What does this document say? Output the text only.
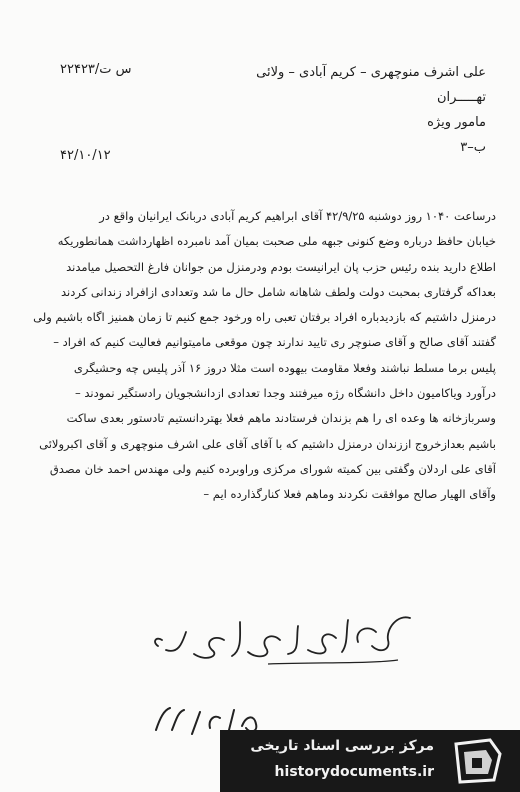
۲۲۴۲۳/س ت
۴۲/۱۰/۱۲
علی اشرف منوچهری – کریم آبادی – ولائی
تهـــــران
مامور ویژه
ب–۳
درساعت ۱۰۴۰ روز دوشنبه ۴۲/۹/۲۵ آقای ابراهیم کریم آبادی دربانک ایرانیان واقع در
خیابان حافظ درباره وضع کنونی جبهه ملی صحبت بمیان آمد نامبرده اظهارداشت همانطوریکه
اطلاع دارید بنده رئیس حزب پان ایرانیست بودم ودرمنزل من جوانان فارغ التحصیل میامدند
بعداکه گرفتاری بمحبت دولت ولطف شاهانه شامل حال ما شد وتعدادی ازافراد زندانی کردند
درمنزل داشتیم که بازدیدباره افراد برفتان تعبی راه ورخود جمع کنیم تا زمان همنیز اگاه باشیم ولی
گفتند آقای صالح و آقای صنوچر ری تایید ندارند چون موقعی مامیتوانیم فعالیت کنیم که افراد –
پلیس برما مسلط نباشند وفعلا مقاومت بیهوده است مثلا دروز ۱۶ آذر پلیس چه وحشیگری
درآورد ویاکامیون داخل دانشگاه رژه میرفتند وجدا تعدادی ازدانشجویان رادستگیر نمودند –
وسربازخانه ها وعده ای را هم بزندان فرستادند ماهم فعلا بهتردانستیم تادستور بعدی ساکت
باشیم بعدازخروج اززندان درمنزل داشتیم که با آقای آقای علی اشرف منوچهری و آقای اکبرولائی
آقای علی اردلان وگفتی بین کمیته شورای مرکزی وراوبرده کنیم ولی مهندس احمد خان مصدق
وآقای الهیار صالح موافقت نکردند وماهم فعلا کنارگذارده ایم –
مرکز بررسی اسناد تاریخی
historydocuments.ir
